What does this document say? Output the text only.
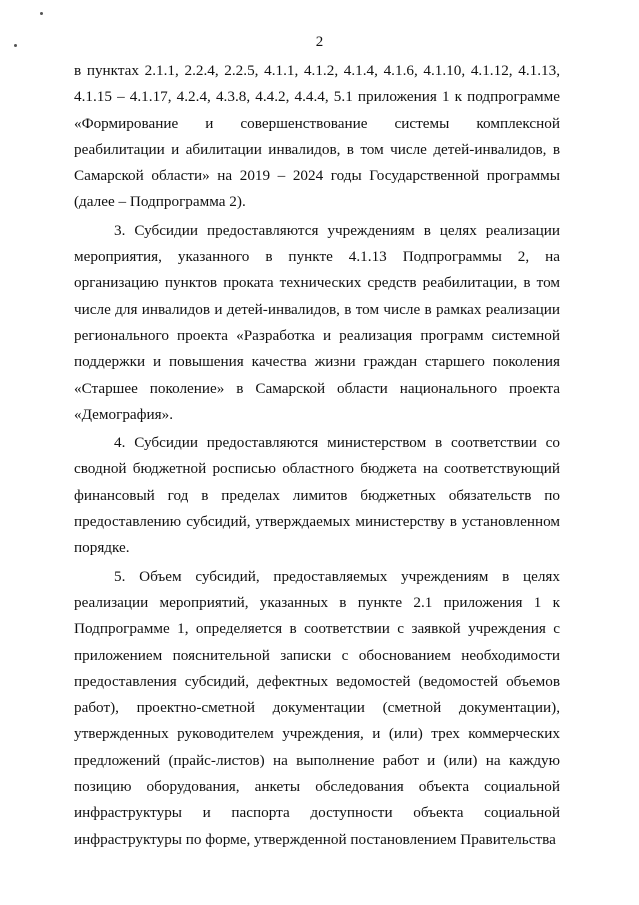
2

в пунктах 2.1.1, 2.2.4, 2.2.5, 4.1.1, 4.1.2, 4.1.4, 4.1.6, 4.1.10, 4.1.12, 4.1.13, 4.1.15 – 4.1.17, 4.2.4, 4.3.8, 4.4.2, 4.4.4, 5.1 приложения 1 к подпрограмме «Формирование и совершенствование системы комплексной реабилитации и абилитации инвалидов, в том числе детей-инвалидов, в Самарской области» на 2019 – 2024 годы Государственной программы (далее – Подпрограмма 2).

3. Субсидии предоставляются учреждениям в целях реализации мероприятия, указанного в пункте 4.1.13 Подпрограммы 2, на организацию пунктов проката технических средств реабилитации, в том числе для инвалидов и детей-инвалидов, в том числе в рамках реализации регионального проекта «Разработка и реализация программ системной поддержки и повышения качества жизни граждан старшего поколения «Старшее поколение» в Самарской области национального проекта «Демография».

4. Субсидии предоставляются министерством в соответствии со сводной бюджетной росписью областного бюджета на соответствующий финансовый год в пределах лимитов бюджетных обязательств по предоставлению субсидий, утверждаемых министерству в установленном порядке.

5. Объем субсидий, предоставляемых учреждениям в целях реализации мероприятий, указанных в пункте 2.1 приложения 1 к Подпрограмме 1, определяется в соответствии с заявкой учреждения с приложением пояснительной записки с обоснованием необходимости предоставления субсидий, дефектных ведомостей (ведомостей объемов работ), проектно-сметной документации (сметной документации), утвержденных руководителем учреждения, и (или) трех коммерческих предложений (прайс-листов) на выполнение работ и (или) на каждую позицию оборудования, анкеты обследования объекта социальной инфраструктуры и паспорта доступности объекта социальной инфраструктуры по форме, утвержденной постановлением Правительства
